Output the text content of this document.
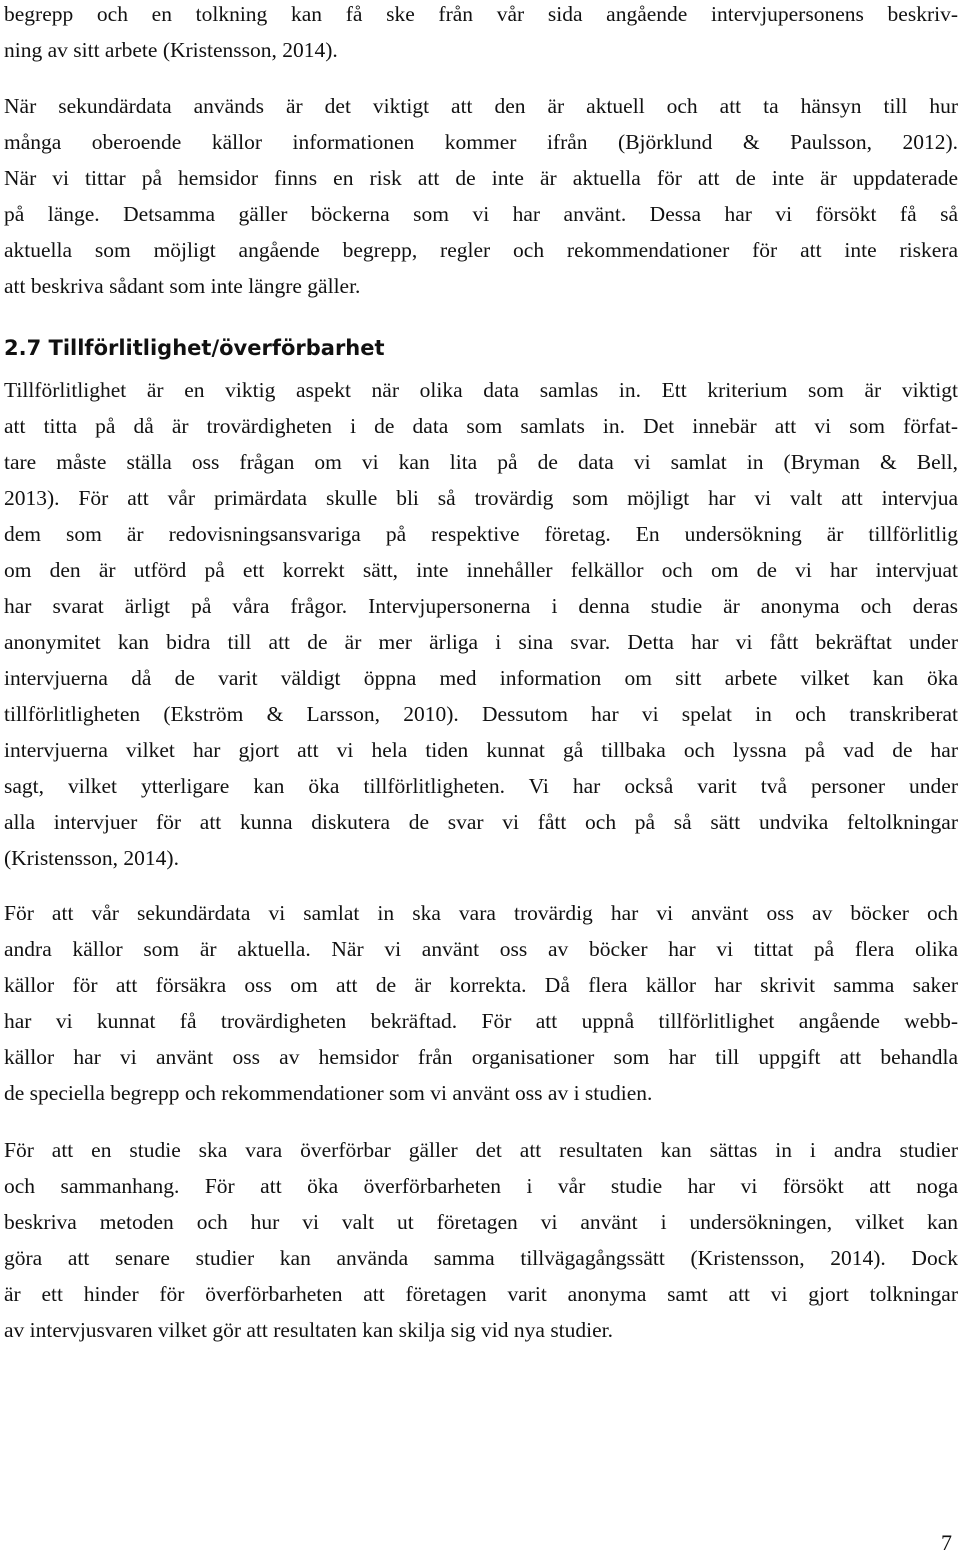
begrepp och en tolkning kan få ske från vår sida angående intervjupersonens beskriv-
ning av sitt arbete (Kristensson, 2014).
När sekundärdata används är det viktigt att den är aktuell och att ta hänsyn till hur
många oberoende källor informationen kommer ifrån (Björklund & Paulsson, 2012).
När vi tittar på hemsidor finns en risk att de inte är aktuella för att de inte är uppdaterade
på länge. Detsamma gäller böckerna som vi har använt. Dessa har vi försökt få så
aktuella som möjligt angående begrepp, regler och rekommendationer för att inte riskera
att beskriva sådant som inte längre gäller.
2.7 Tillförlitlighet/överförbarhet
Tillförlitlighet är en viktig aspekt när olika data samlas in. Ett kriterium som är viktigt
att titta på då är trovärdigheten i de data som samlats in. Det innebär att vi som förfat-
tare måste ställa oss frågan om vi kan lita på de data vi samlat in (Bryman & Bell,
2013). För att vår primärdata skulle bli så trovärdig som möjligt har vi valt att intervjua
dem som är redovisningsansvariga på respektive företag. En undersökning är tillförlitlig
om den är utförd på ett korrekt sätt, inte innehåller felkällor och om de vi har intervjuat
har svarat ärligt på våra frågor. Intervjupersonerna i denna studie är anonyma och deras
anonymitet kan bidra till att de är mer ärliga i sina svar. Detta har vi fått bekräftat under
intervjuerna då de varit väldigt öppna med information om sitt arbete vilket kan öka
tillförlitligheten (Ekström & Larsson, 2010). Dessutom har vi spelat in och transkriberat
intervjuerna vilket har gjort att vi hela tiden kunnat gå tillbaka och lyssna på vad de har
sagt, vilket ytterligare kan öka tillförlitligheten. Vi har också varit två personer under
alla intervjuer för att kunna diskutera de svar vi fått och på så sätt undvika feltolkningar
(Kristensson, 2014).
För att vår sekundärdata vi samlat in ska vara trovärdig har vi använt oss av böcker och
andra källor som är aktuella. När vi använt oss av böcker har vi tittat på flera olika
källor för att försäkra oss om att de är korrekta. Då flera källor har skrivit samma saker
har vi kunnat få trovärdigheten bekräftad. För att uppnå tillförlitlighet angående webb-
källor har vi använt oss av hemsidor från organisationer som har till uppgift att behandla
de speciella begrepp och rekommendationer som vi använt oss av i studien.
För att en studie ska vara överförbar gäller det att resultaten kan sättas in i andra studier
och sammanhang. För att öka överförbarheten i vår studie har vi försökt att noga
beskriva metoden och hur vi valt ut företagen vi använt i undersökningen, vilket kan
göra att senare studier kan använda samma tillvägagångssätt (Kristensson, 2014). Dock
är ett hinder för överförbarheten att företagen varit anonyma samt att vi gjort tolkningar
av intervjusvaren vilket gör att resultaten kan skilja sig vid nya studier.
7
